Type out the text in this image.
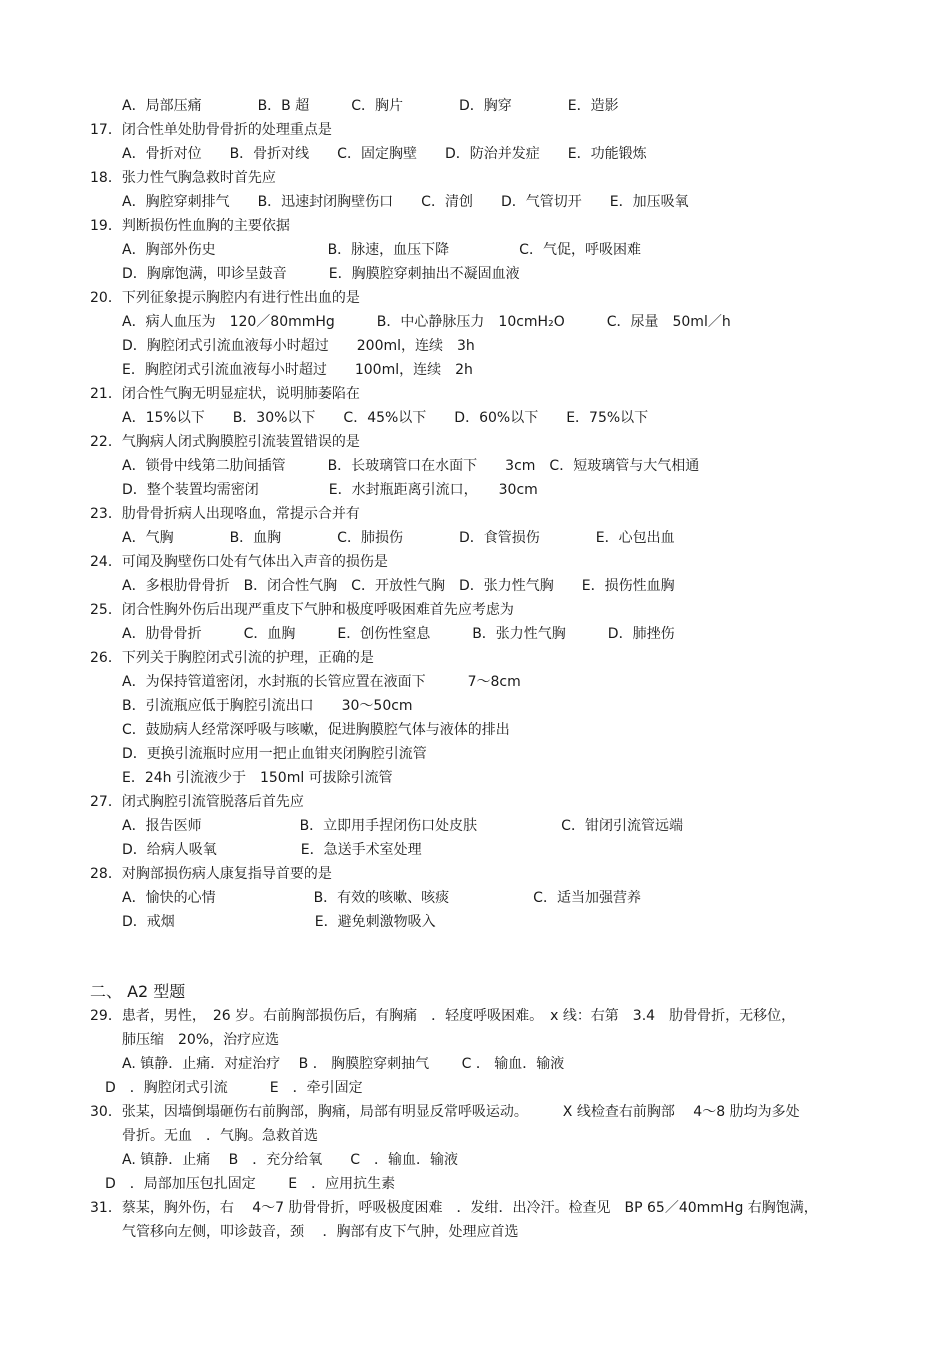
A．局部压痛　　　　B．B 超　　　C．胸片　　　　D．胸穿　　　　E．造影
17．闭合性单处肋骨骨折的处理重点是
A．骨折对位　　B．骨折对线　　C．固定胸壁　　D．防治并发症　　E．功能锻炼
18．张力性气胸急救时首先应
A．胸腔穿刺排气　　B．迅速封闭胸壁伤口　　C．清创　　D．气管切开　　E．加压吸氧
19．判断损伤性血胸的主要依据
A．胸部外伤史　　　　　　　　B．脉速，血压下降　　　　　C．气促，呼吸困难
D．胸廓饱满，叩诊呈鼓音　　　E．胸膜腔穿刺抽出不凝固血液
20．下列征象提示胸腔内有进行性出血的是
A．病人血压为　120／80mmHg　　　B．中心静脉压力　10cmH₂O　　　C．尿量　50ml／h
D．胸腔闭式引流血液每小时超过　　200ml，连续　3h
E．胸腔闭式引流血液每小时超过　　100ml，连续　2h
21．闭合性气胸无明显症状，说明肺萎陷在
A．15%以下　　B．30%以下　　C．45%以下　　D．60%以下　　E．75%以下
22．气胸病人闭式胸膜腔引流装置错误的是
A．锁骨中线第二肋间插管　　　B．长玻璃管口在水面下　　3cm　C．短玻璃管与大气相通
D．整个装置均需密闭　　　　　E．水封瓶距离引流口，　　30cm
23．肋骨骨折病人出现咯血，常提示合并有
A．气胸　　　　B．血胸　　　　C．肺损伤　　　　D．食管损伤　　　　E．心包出血
24．可闻及胸壁伤口处有气体出入声音的损伤是
A．多根肋骨骨折　B．闭合性气胸　C．开放性气胸　D．张力性气胸　　E．损伤性血胸
25．闭合性胸外伤后出现严重皮下气肿和极度呼吸困难首先应考虑为
A．肋骨骨折　　　C．血胸　　　E．创伤性窒息　　　B．张力性气胸　　　D．肺挫伤
26．下列关于胸腔闭式引流的护理，正确的是
A．为保持管道密闭，水封瓶的长管应置在液面下　　　7～8cm
B．引流瓶应低于胸腔引流出口　　30～50cm
C．鼓励病人经常深呼吸与咳嗽，促进胸膜腔气体与液体的排出
D．更换引流瓶时应用一把止血钳夹闭胸腔引流管
E．24h 引流液少于　150ml 可拔除引流管
27．闭式胸腔引流管脱落后首先应
A．报告医师　　　　　　　B．立即用手捏闭伤口处皮肤　　　　　　C．钳闭引流管远端
D．给病人吸氧　　　　　　E．急送手术室处理
28．对胸部损伤病人康复指导首要的是
A．愉快的心情　　　　　　　B．有效的咳嗽、咳痰　　　　　　C．适当加强营养
D．戒烟　　　　　　　　　　E．避免刺激物吸入
二、 A2 型题
29．患者，男性，　26 岁。右前胸部损伤后，有胸痛　．轻度呼吸困难。　x 线：右第　3.4　肋骨骨折，无移位，
肺压缩　20%，治疗应选
A. 镇静．止痛．对症治疗　 B ． 胸膜腔穿刺抽气　　 C ． 输血．输液
D　．胸腔闭式引流　　　E　．牵引固定
30．张某，因墙倒塌砸伤右前胸部，胸痛，局部有明显反常呼吸运动。　　　X 线检查右前胸部　 4～8 肋均为多处
骨折。无血　．气胸。急救首选
A. 镇静．止痛　 B　．充分给氧　　C　．输血．输液
D　．局部加压包扎固定　　 E　．应用抗生素
31．蔡某，胸外伤，右　 4～7 肋骨骨折，呼吸极度困难　．发绀．出冷汗。检查见　BP 65／40mmHg 右胸饱满，
气管移向左侧，叩诊鼓音，颈　 ．胸部有皮下气肿，处理应首选
